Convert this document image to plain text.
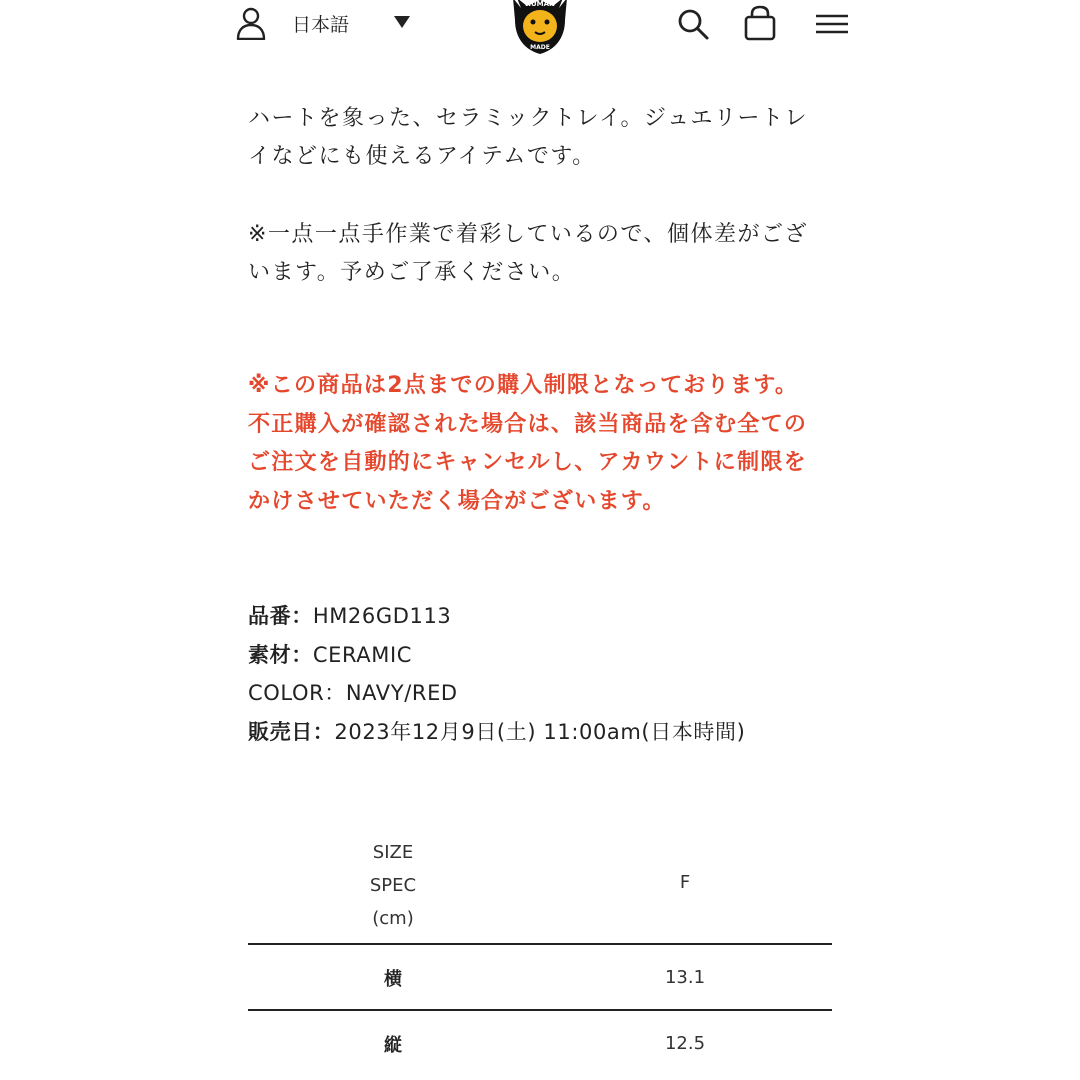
日本語
HUMAN
MADE
ハートを象った、セラミックトレイ。ジュエリートレ
イなどにも使えるアイテムです。
※一点一点手作業で着彩しているので、個体差がござ
います。予めご了承ください。
※この商品は2点までの購入制限となっております。
不正購入が確認された場合は、該当商品を含む全ての
ご注文を自動的にキャンセルし、アカウントに制限を
かけさせていただく場合がございます。
品番：HM26GD113
素材：CERAMIC
COLOR：NAVY/RED
販売日：2023年12月9日(土) 11:00am(日本時間)
SIZE
SPEC
(cm)
F
横	13.1
縦	12.5
